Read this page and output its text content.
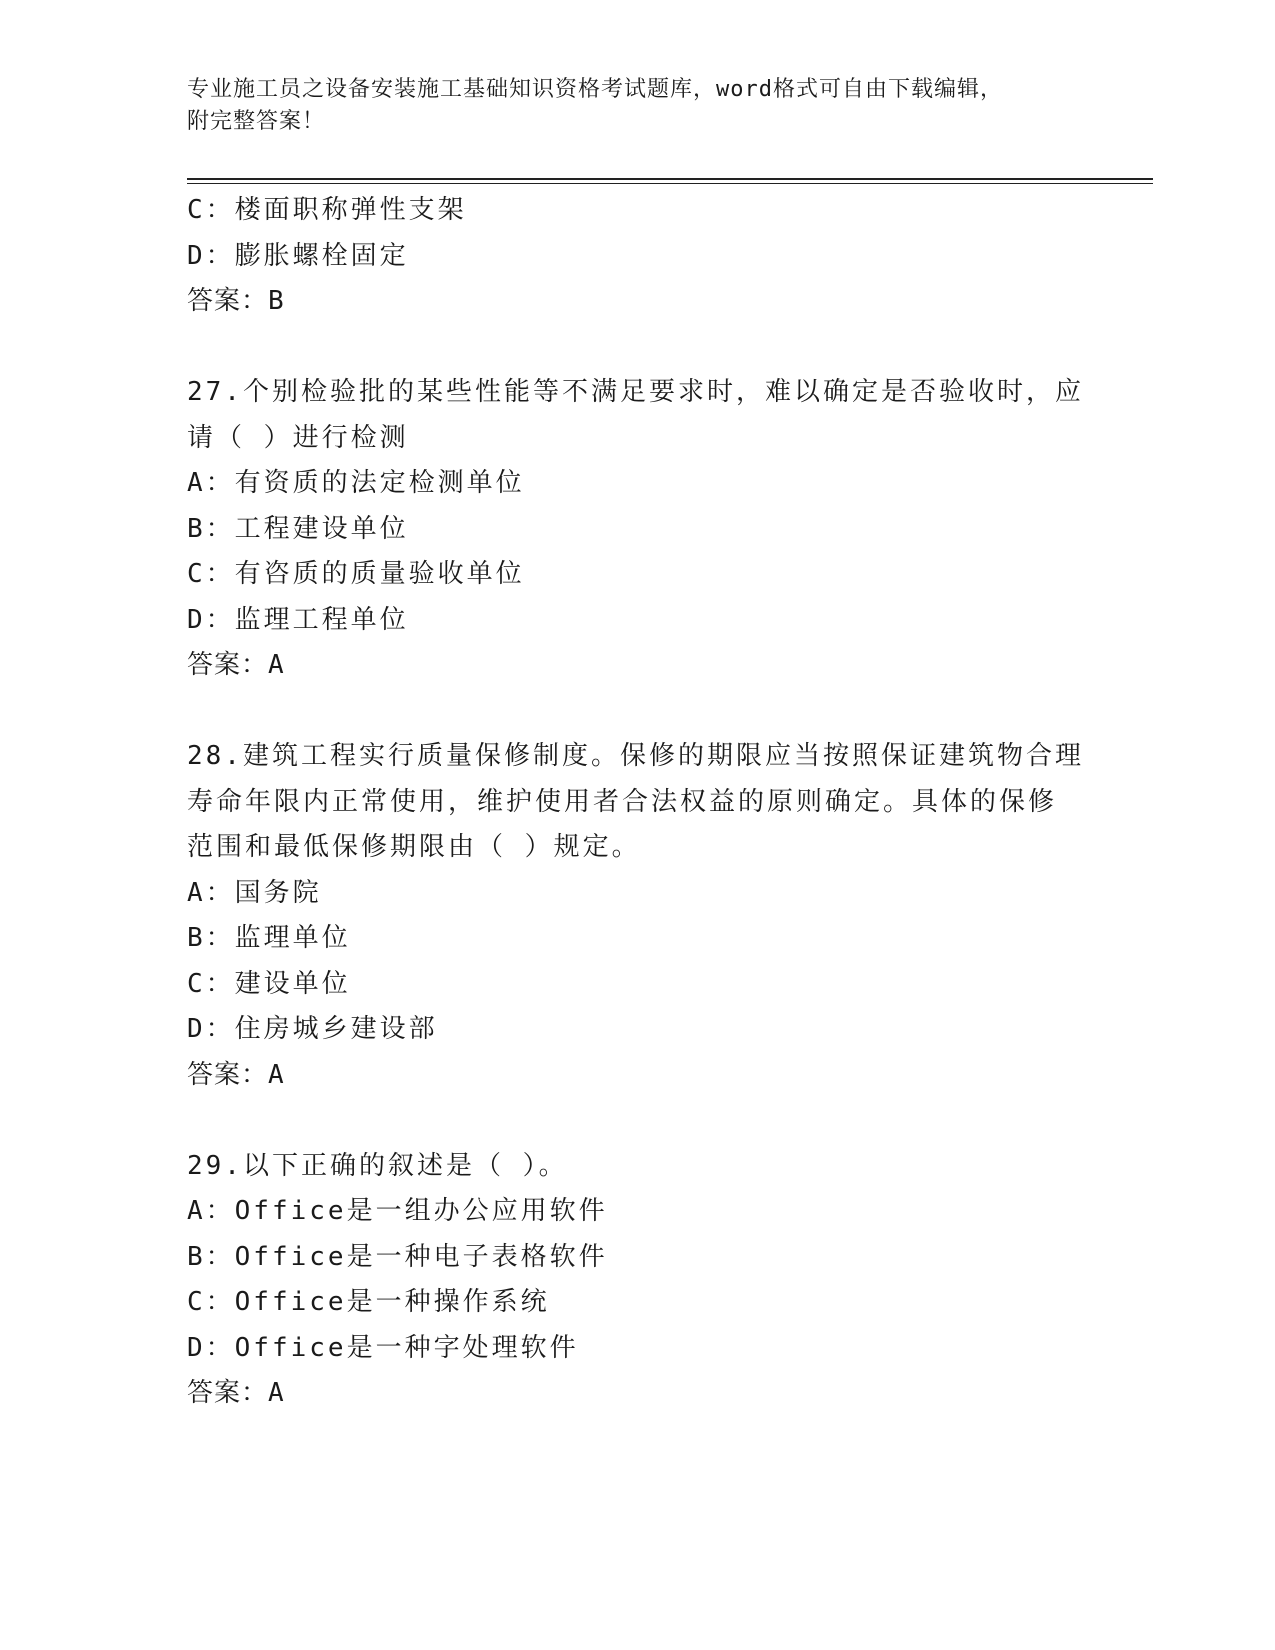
专业施工员之设备安装施工基础知识资格考试题库，word格式可自由下载编辑，
附完整答案！

C：楼面职称弹性支架

D：膨胀螺栓固定

答案：B

27.个别检验批的某些性能等不满足要求时，难以确定是否验收时，应

请（ ）进行检测

A：有资质的法定检测单位

B：工程建设单位

C：有咨质的质量验收单位

D：监理工程单位

答案：A

28.建筑工程实行质量保修制度。保修的期限应当按照保证建筑物合理

寿命年限内正常使用，维护使用者合法权益的原则确定。具体的保修

范围和最低保修期限由（ ）规定。

A：国务院

B：监理单位

C：建设单位

D：住房城乡建设部

答案：A

29.以下正确的叙述是（ ）。

A：Office是一组办公应用软件

B：Office是一种电子表格软件

C：Office是一种操作系统

D：Office是一种字处理软件

答案：A
